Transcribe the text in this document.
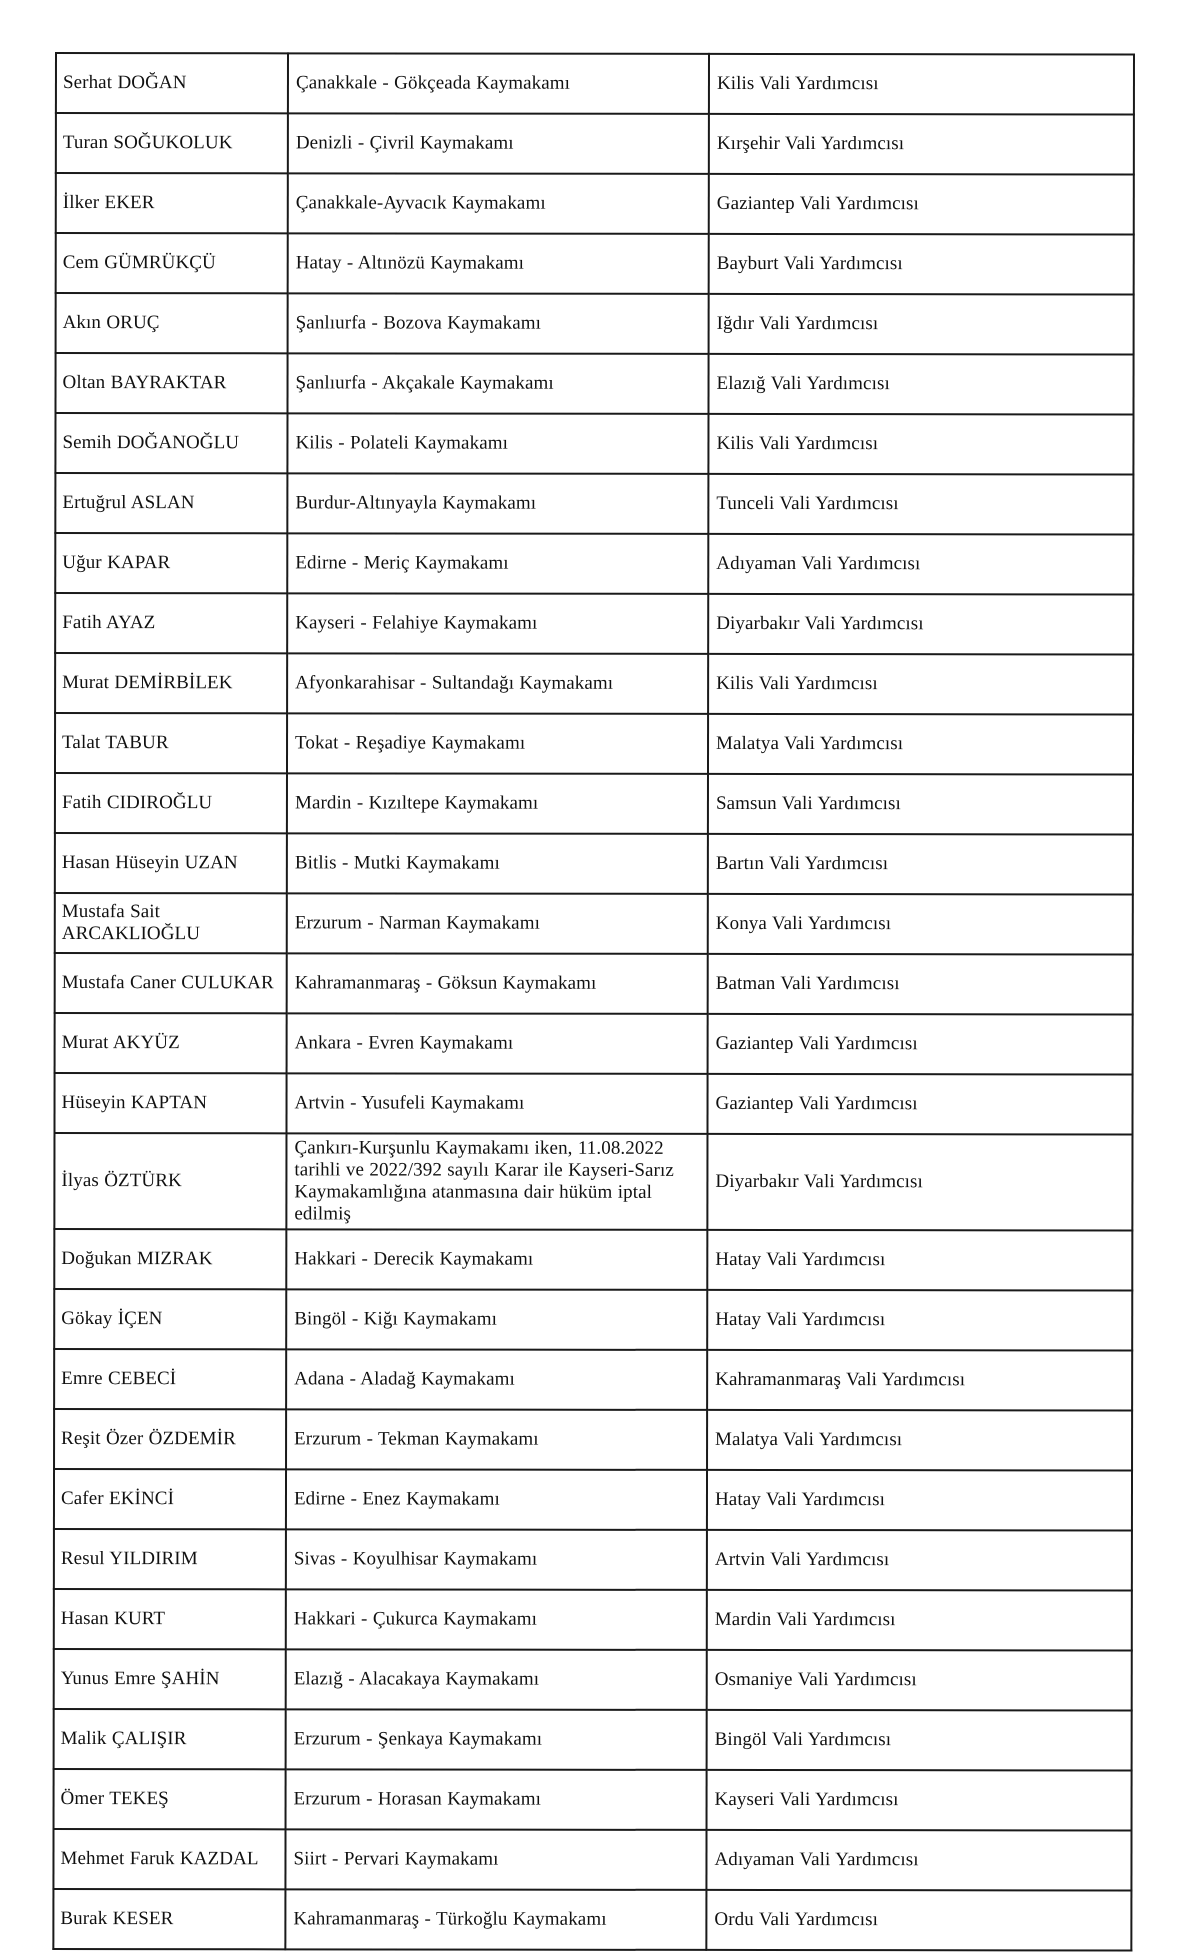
Serhat DOĞAN	Çanakkale - Gökçeada Kaymakamı	Kilis Vali Yardımcısı
Turan SOĞUKOLUK	Denizli - Çivril Kaymakamı	Kırşehir Vali Yardımcısı
İlker EKER	Çanakkale-Ayvacık Kaymakamı	Gaziantep Vali Yardımcısı
Cem GÜMRÜKÇÜ	Hatay - Altınözü Kaymakamı	Bayburt Vali Yardımcısı
Akın ORUÇ	Şanlıurfa - Bozova Kaymakamı	Iğdır Vali Yardımcısı
Oltan BAYRAKTAR	Şanlıurfa - Akçakale Kaymakamı	Elazığ Vali Yardımcısı
Semih DOĞANOĞLU	Kilis - Polateli Kaymakamı	Kilis Vali Yardımcısı
Ertuğrul ASLAN	Burdur-Altınyayla Kaymakamı	Tunceli Vali Yardımcısı
Uğur KAPAR	Edirne - Meriç Kaymakamı	Adıyaman Vali Yardımcısı
Fatih AYAZ	Kayseri - Felahiye Kaymakamı	Diyarbakır Vali Yardımcısı
Murat DEMİRBİLEK	Afyonkarahisar - Sultandağı Kaymakamı	Kilis Vali Yardımcısı
Talat TABUR	Tokat - Reşadiye Kaymakamı	Malatya Vali Yardımcısı
Fatih CIDIROĞLU	Mardin - Kızıltepe Kaymakamı	Samsun Vali Yardımcısı
Hasan Hüseyin UZAN	Bitlis - Mutki Kaymakamı	Bartın Vali Yardımcısı
Mustafa Sait ARCAKLIOĞLU	Erzurum - Narman Kaymakamı	Konya Vali Yardımcısı
Mustafa Caner CULUKAR	Kahramanmaraş - Göksun Kaymakamı	Batman Vali Yardımcısı
Murat AKYÜZ	Ankara - Evren Kaymakamı	Gaziantep Vali Yardımcısı
Hüseyin KAPTAN	Artvin - Yusufeli Kaymakamı	Gaziantep Vali Yardımcısı
İlyas ÖZTÜRK	Çankırı-Kurşunlu Kaymakamı iken, 11.08.2022 tarihli ve 2022/392 sayılı Karar ile Kayseri-Sarız Kaymakamlığına atanmasına dair hüküm iptal edilmiş	Diyarbakır Vali Yardımcısı
Doğukan MIZRAK	Hakkari - Derecik Kaymakamı	Hatay Vali Yardımcısı
Gökay İÇEN	Bingöl - Kiğı Kaymakamı	Hatay Vali Yardımcısı
Emre CEBECİ	Adana - Aladağ Kaymakamı	Kahramanmaraş Vali Yardımcısı
Reşit Özer ÖZDEMİR	Erzurum - Tekman Kaymakamı	Malatya Vali Yardımcısı
Cafer EKİNCİ	Edirne - Enez Kaymakamı	Hatay Vali Yardımcısı
Resul YILDIRIM	Sivas - Koyulhisar Kaymakamı	Artvin Vali Yardımcısı
Hasan KURT	Hakkari - Çukurca Kaymakamı	Mardin Vali Yardımcısı
Yunus Emre ŞAHİN	Elazığ - Alacakaya Kaymakamı	Osmaniye Vali Yardımcısı
Malik ÇALIŞIR	Erzurum - Şenkaya Kaymakamı	Bingöl Vali Yardımcısı
Ömer TEKEŞ	Erzurum - Horasan Kaymakamı	Kayseri Vali Yardımcısı
Mehmet Faruk KAZDAL	Siirt - Pervari Kaymakamı	Adıyaman Vali Yardımcısı
Burak KESER	Kahramanmaraş - Türkoğlu Kaymakamı	Ordu Vali Yardımcısı
